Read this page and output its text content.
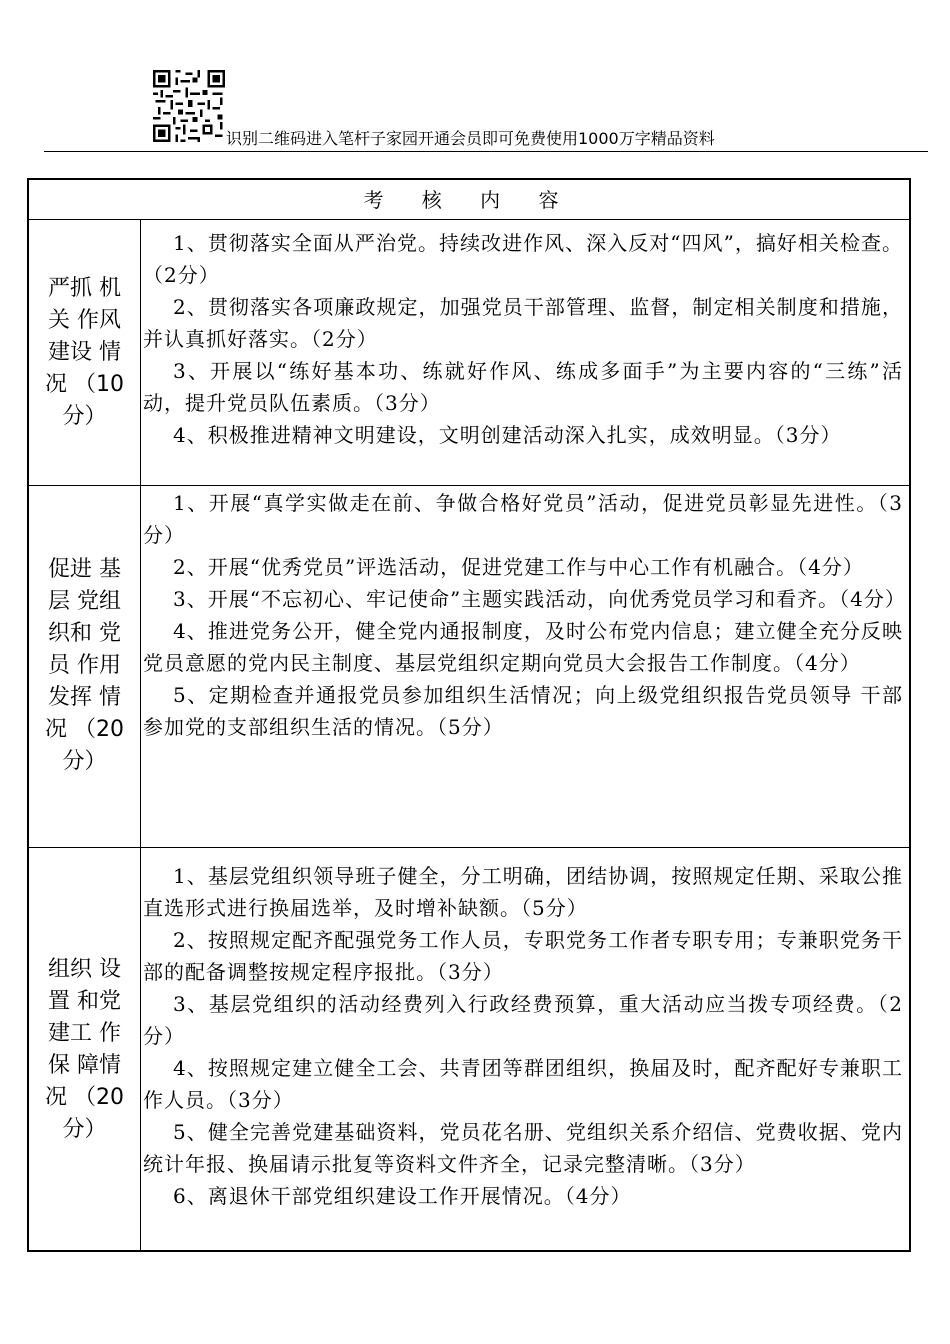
识别二维码进入笔杆子家园开通会员即可免费使用1000万字精品资料
考 核 内 容
严抓 机关 作风 建设 情况 （10分）
1、贯彻落实全面从严治党。持续改进作风、深入反对“四风”，搞好相关检查。（2分）
2、贯彻落实各项廉政规定，加强党员干部管理、监督，制定相关制度和措施，并认真抓好落实。（2分）
3、开展以“练好基本功、练就好作风、练成多面手”为主要内容的“三练”活动，提升党员队伍素质。（3分）
4、积极推进精神文明建设，文明创建活动深入扎实，成效明显。（3分）
促进 基层 党组 织和 党员 作用 发挥 情况 （20分）
1、开展“真学实做走在前、争做合格好党员”活动，促进党员彰显先进性。（3分）
2、开展“优秀党员”评选活动，促进党建工作与中心工作有机融合。（4分）
3、开展“不忘初心、牢记使命”主题实践活动，向优秀党员学习和看齐。（4分）
4、推进党务公开，健全党内通报制度，及时公布党内信息；建立健全充分反映党员意愿的党内民主制度、基层党组织定期向党员大会报告工作制度。（4分）
5、定期检查并通报党员参加组织生活情况；向上级党组织报告党员领导 干部参加党的支部组织生活的情况。（5分）
组织 设置 和党 建工 作保 障情 况 （20分）
1、基层党组织领导班子健全，分工明确，团结协调，按照规定任期、采取公推直选形式进行换届选举，及时增补缺额。（5分）
2、按照规定配齐配强党务工作人员，专职党务工作者专职专用；专兼职党务干部的配备调整按规定程序报批。（3分）
3、基层党组织的活动经费列入行政经费预算，重大活动应当拨专项经费。（2分）
4、按照规定建立健全工会、共青团等群团组织，换届及时，配齐配好专兼职工作人员。（3分）
5、健全完善党建基础资料，党员花名册、党组织关系介绍信、党费收据、党内统计年报、换届请示批复等资料文件齐全，记录完整清晰。（3分）
6、离退休干部党组织建设工作开展情况。（4分）
